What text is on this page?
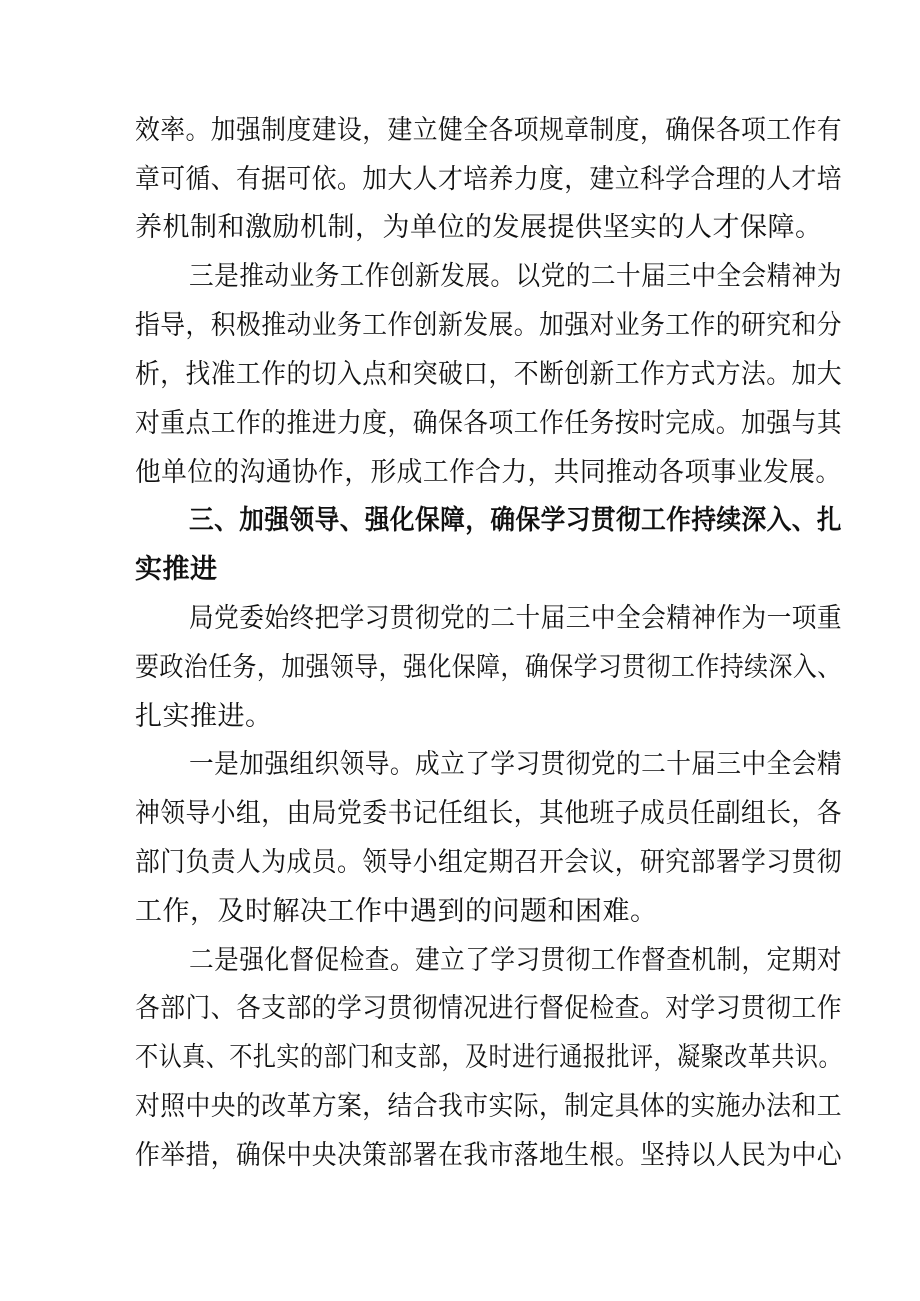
效率。加强制度建设，建立健全各项规章制度，确保各项工作有
章可循、有据可依。加大人才培养力度，建立科学合理的人才培
养机制和激励机制，为单位的发展提供坚实的人才保障。
三是推动业务工作创新发展。以党的二十届三中全会精神为
指导，积极推动业务工作创新发展。加强对业务工作的研究和分
析，找准工作的切入点和突破口，不断创新工作方式方法。加大
对重点工作的推进力度，确保各项工作任务按时完成。加强与其
他单位的沟通协作，形成工作合力，共同推动各项事业发展。
三、加强领导、强化保障，确保学习贯彻工作持续深入、扎
实推进
局党委始终把学习贯彻党的二十届三中全会精神作为一项重
要政治任务，加强领导，强化保障，确保学习贯彻工作持续深入、
扎实推进。
一是加强组织领导。成立了学习贯彻党的二十届三中全会精
神领导小组，由局党委书记任组长，其他班子成员任副组长，各
部门负责人为成员。领导小组定期召开会议，研究部署学习贯彻
工作，及时解决工作中遇到的问题和困难。
二是强化督促检查。建立了学习贯彻工作督查机制，定期对
各部门、各支部的学习贯彻情况进行督促检查。对学习贯彻工作
不认真、不扎实的部门和支部，及时进行通报批评，凝聚改革共识。
对照中央的改革方案，结合我市实际，制定具体的实施办法和工
作举措，确保中央决策部署在我市落地生根。坚持以人民为中心
